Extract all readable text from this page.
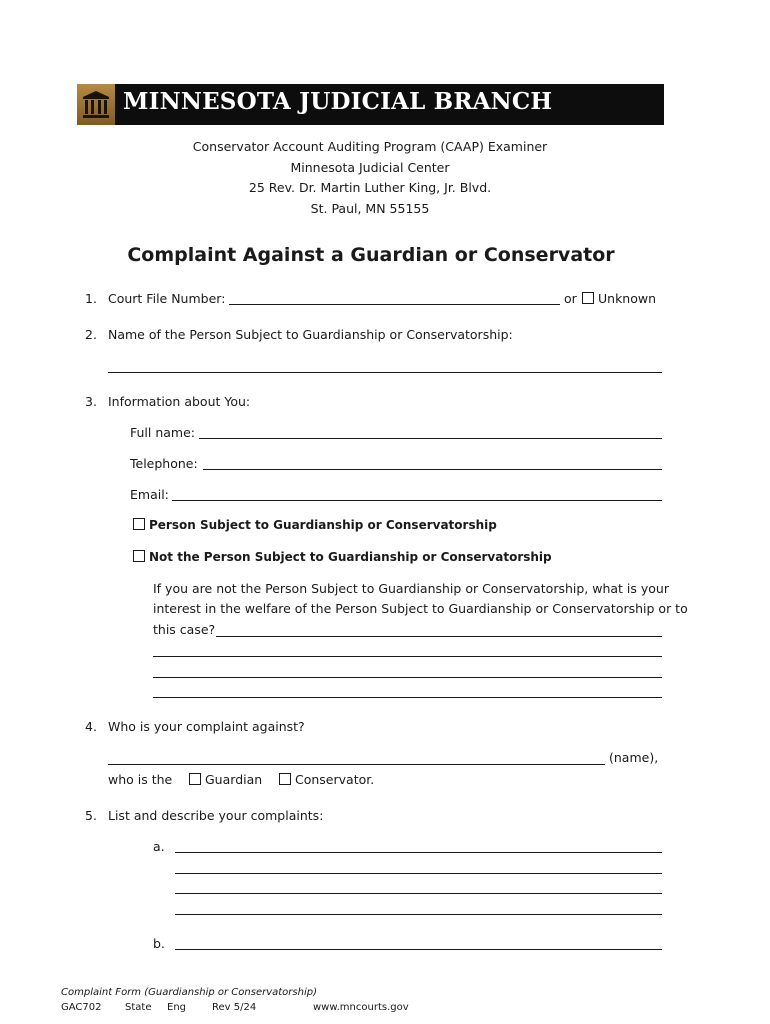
MINNESOTA JUDICIAL BRANCH
Conservator Account Auditing Program (CAAP) Examiner
Minnesota Judicial Center
25 Rev. Dr. Martin Luther King, Jr. Blvd.
St. Paul, MN 55155
Complaint Against a Guardian or Conservator
1. Court File Number:	or	Unknown
2. Name of the Person Subject to Guardianship or Conservatorship:
3. Information about You:
Full name:
Telephone:
Email:
Person Subject to Guardianship or Conservatorship
Not the Person Subject to Guardianship or Conservatorship
If you are not the Person Subject to Guardianship or Conservatorship, what is your
interest in the welfare of the Person Subject to Guardianship or Conservatorship or to
this case?
4. Who is your complaint against?
(name),
who is the	Guardian	Conservator.
5. List and describe your complaints:
a.
b.
Complaint Form (Guardianship or Conservatorship)
GAC702 State Eng	Rev 5/24	www.mncourts.gov
